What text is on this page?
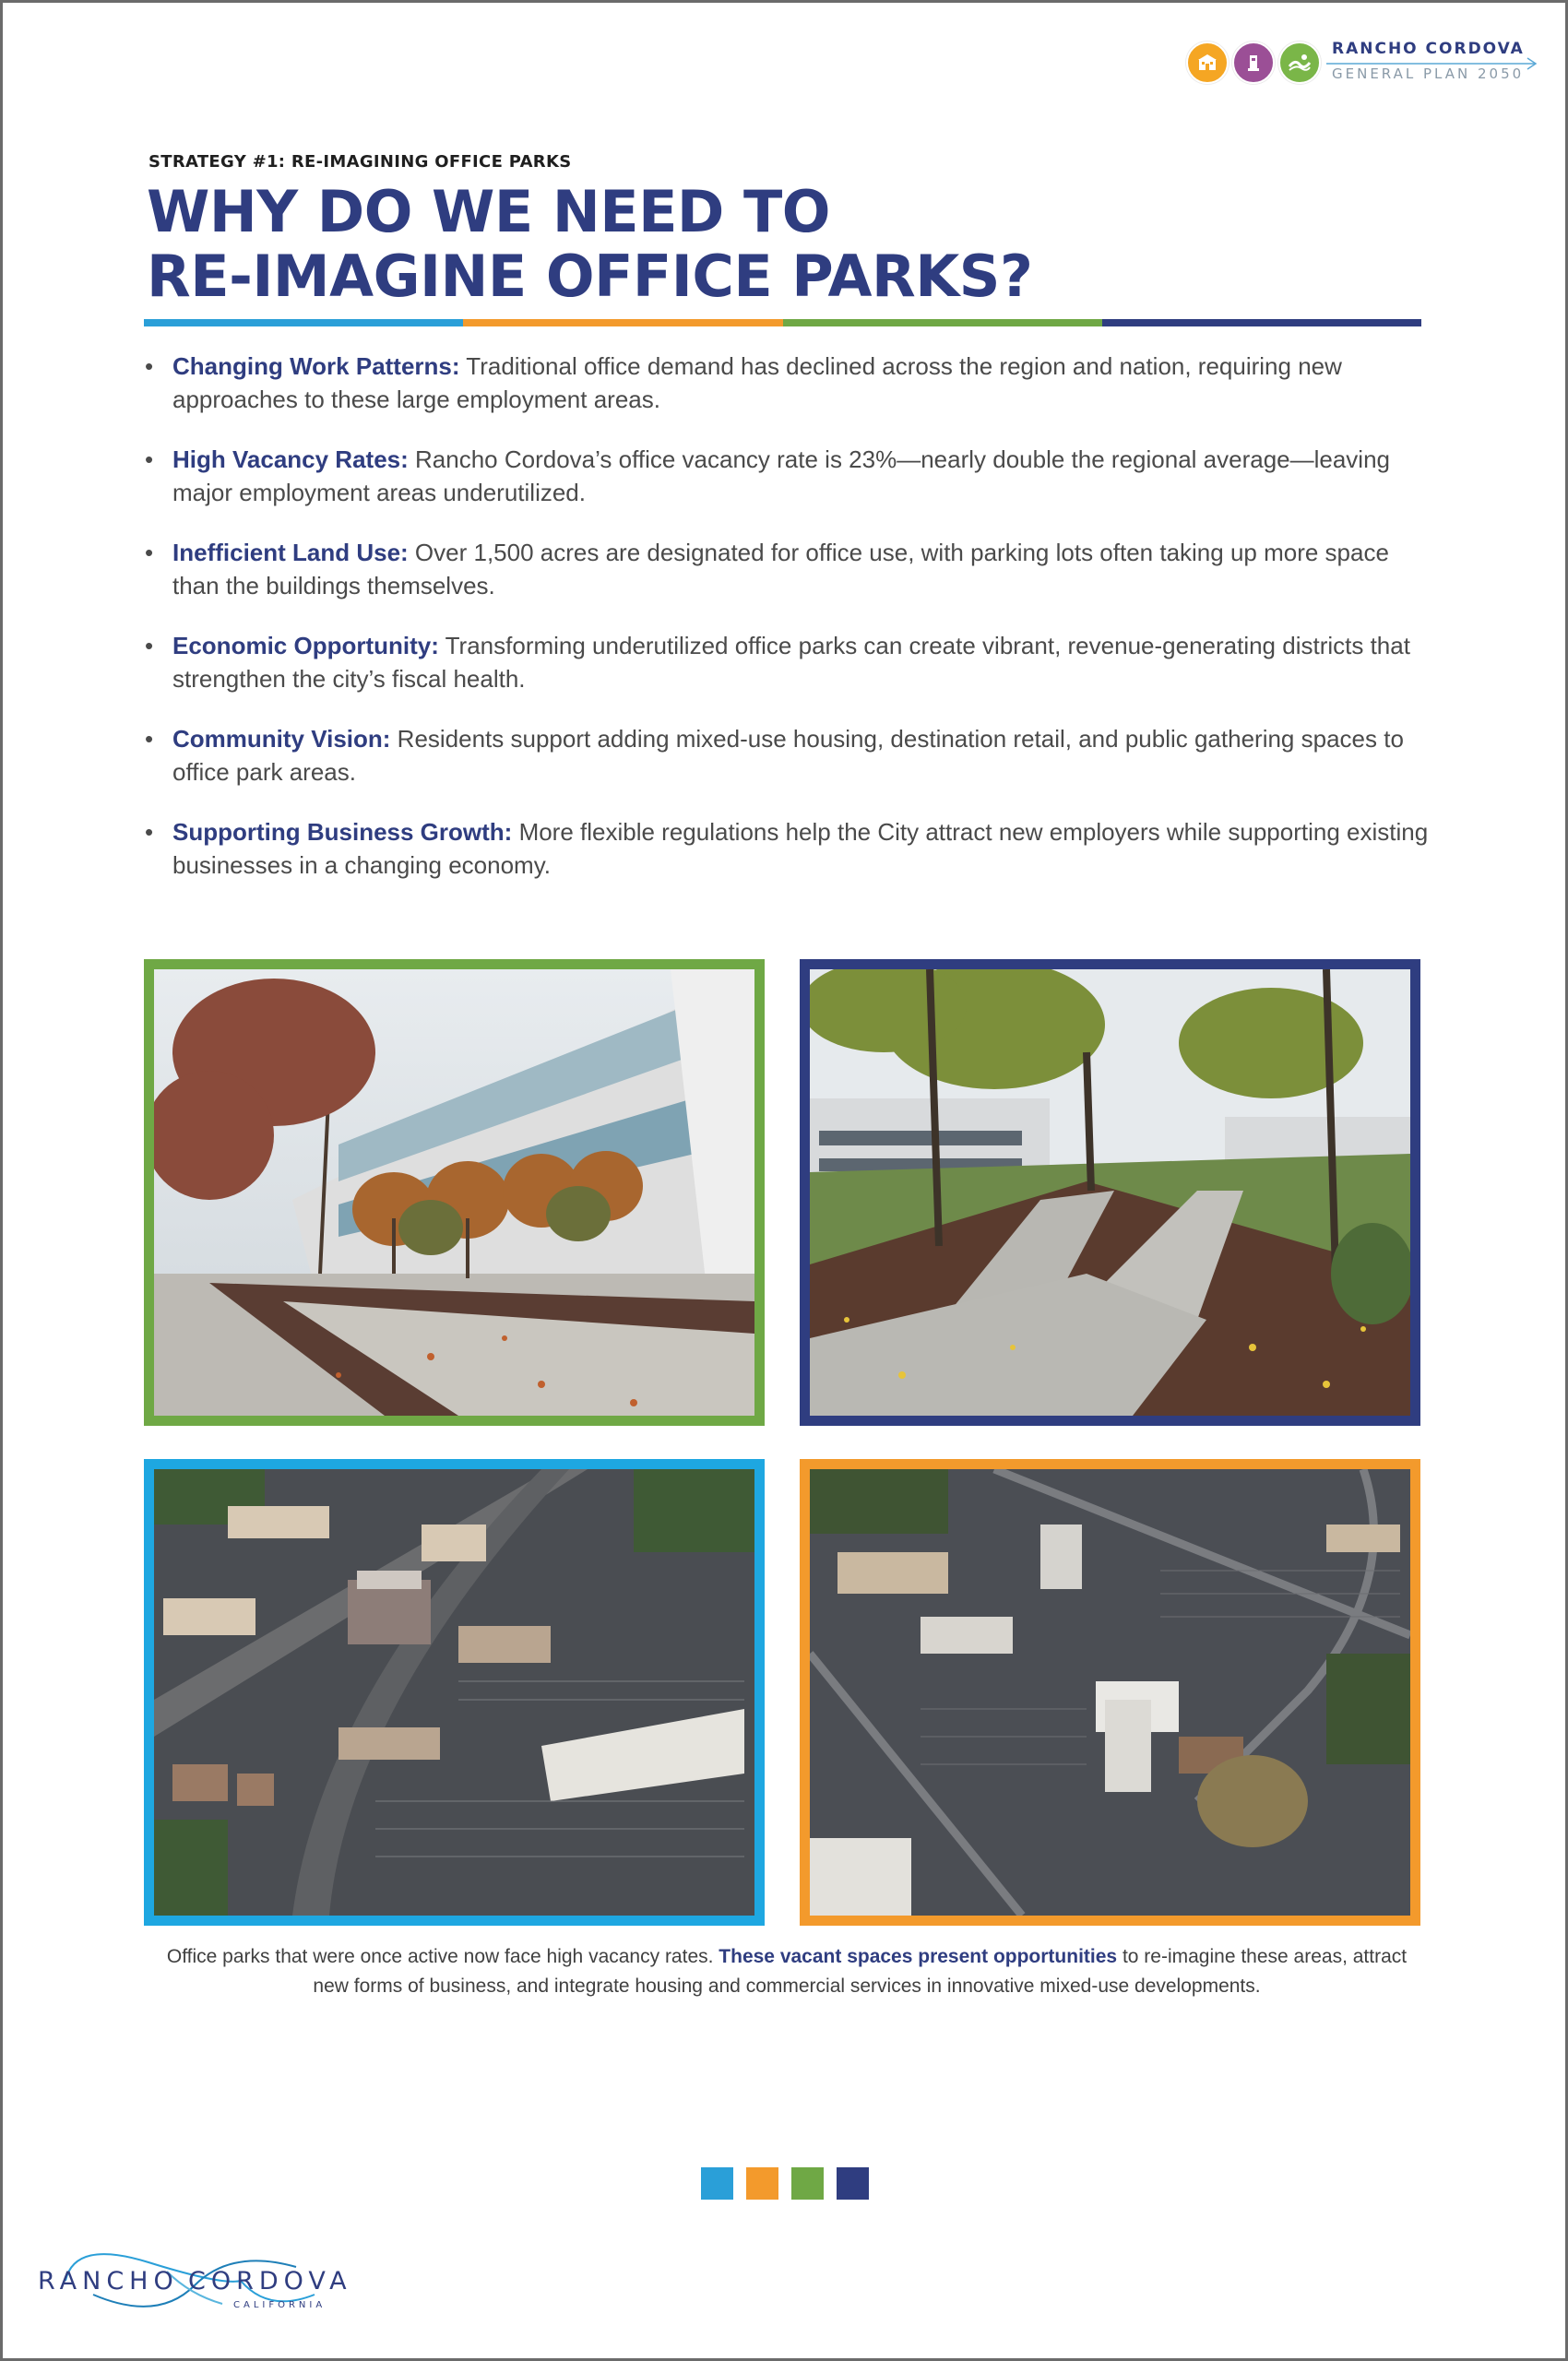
RANCHO CORDOVA
GENERAL PLAN 2050
STRATEGY #1: RE-IMAGINING OFFICE PARKS
WHY DO WE NEED TO
RE-IMAGINE OFFICE PARKS?
• Changing Work Patterns: Traditional office demand has declined across the region and nation, requiring new approaches to these large employment areas.
• High Vacancy Rates: Rancho Cordova’s office vacancy rate is 23%—nearly double the regional average—leaving major employment areas underutilized.
• Inefficient Land Use: Over 1,500 acres are designated for office use, with parking lots often taking up more space than the buildings themselves.
• Economic Opportunity: Transforming underutilized office parks can create vibrant, revenue-generating districts that strengthen the city’s fiscal health.
• Community Vision: Residents support adding mixed-use housing, destination retail, and public gathering spaces to office park areas.
• Supporting Business Growth: More flexible regulations help the City attract new employers while supporting existing businesses in a changing economy.
Office parks that were once active now face high vacancy rates. These vacant spaces present opportunities to re-imagine these areas, attract new forms of business, and integrate housing and commercial services in innovative mixed-use developments.
RANCHO CORDOVA
CALIFORNIA
